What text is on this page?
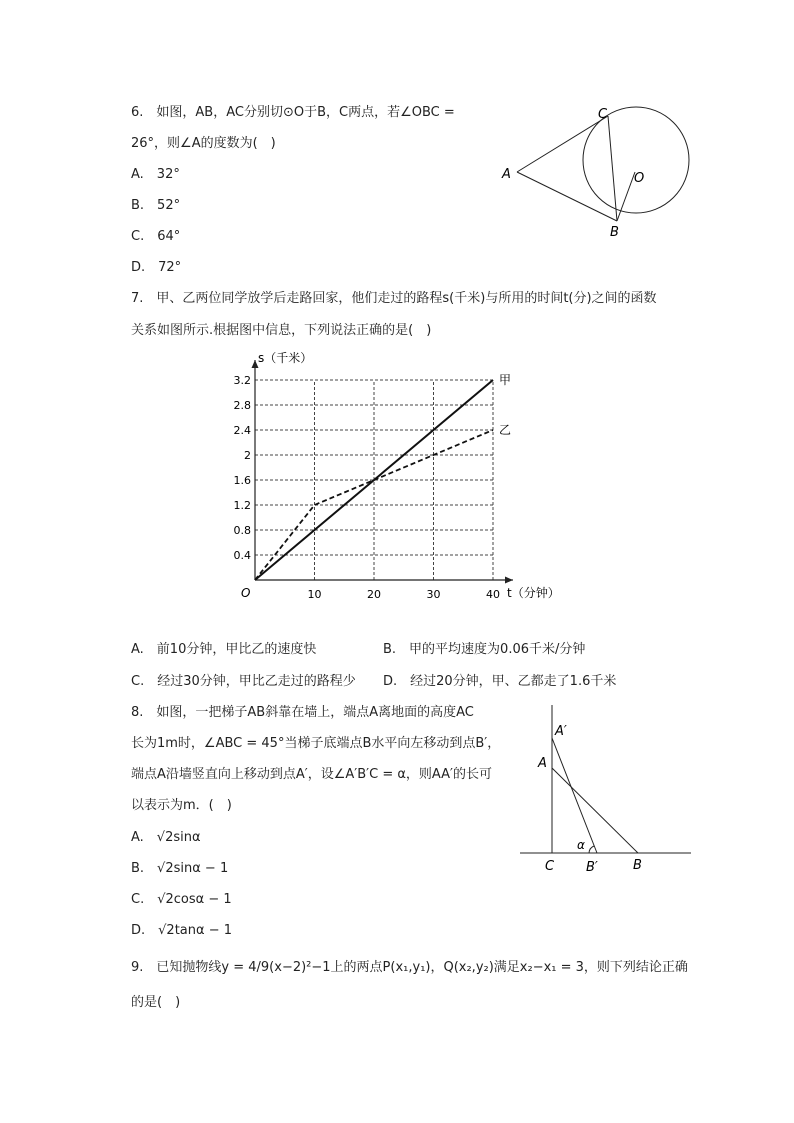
6.　如图，AB，AC分别切⊙O于B，C两点，若∠OBC =
26°，则∠A的度数为(　)
A.　32°
B.　52°
C.　64°
D.　72°
C
A	O
B
7.　甲、乙两位同学放学后走路回家，他们走过的路程s(千米)与所用的时间t(分)之间的函数
关系如图所示.根据图中信息，下列说法正确的是(　)
0.4
0.8
1.2
1.6
2
2.4
2.8
3.2
10	20	30	40
O	t（分钟）
s（千米）
甲
乙
A.　前10分钟，甲比乙的速度快	B.　甲的平均速度为0.06千米/分钟
C.　经过30分钟，甲比乙走过的路程少 D.　经过20分钟，甲、乙都走了1.6千米
8.　如图，一把梯子AB斜靠在墙上，端点A离地面的高度AC
长为1m时，∠ABC = 45°当梯子底端点B水平向左移动到点B′，
端点A沿墙竖直向上移动到点A′，设∠A′B′C = α，则AA′的长可
以表示为m．(　)
A.　√2sinα
B.　√2sinα − 1
C.　√2cosα − 1
D.　√2tanα − 1
A′
A
α
C B′	B
9.　已知抛物线y = 4/9(x−2)²−1上的两点P(x₁,y₁)，Q(x₂,y₂)满足x₂−x₁ = 3，则下列结论正确
的是(　)
